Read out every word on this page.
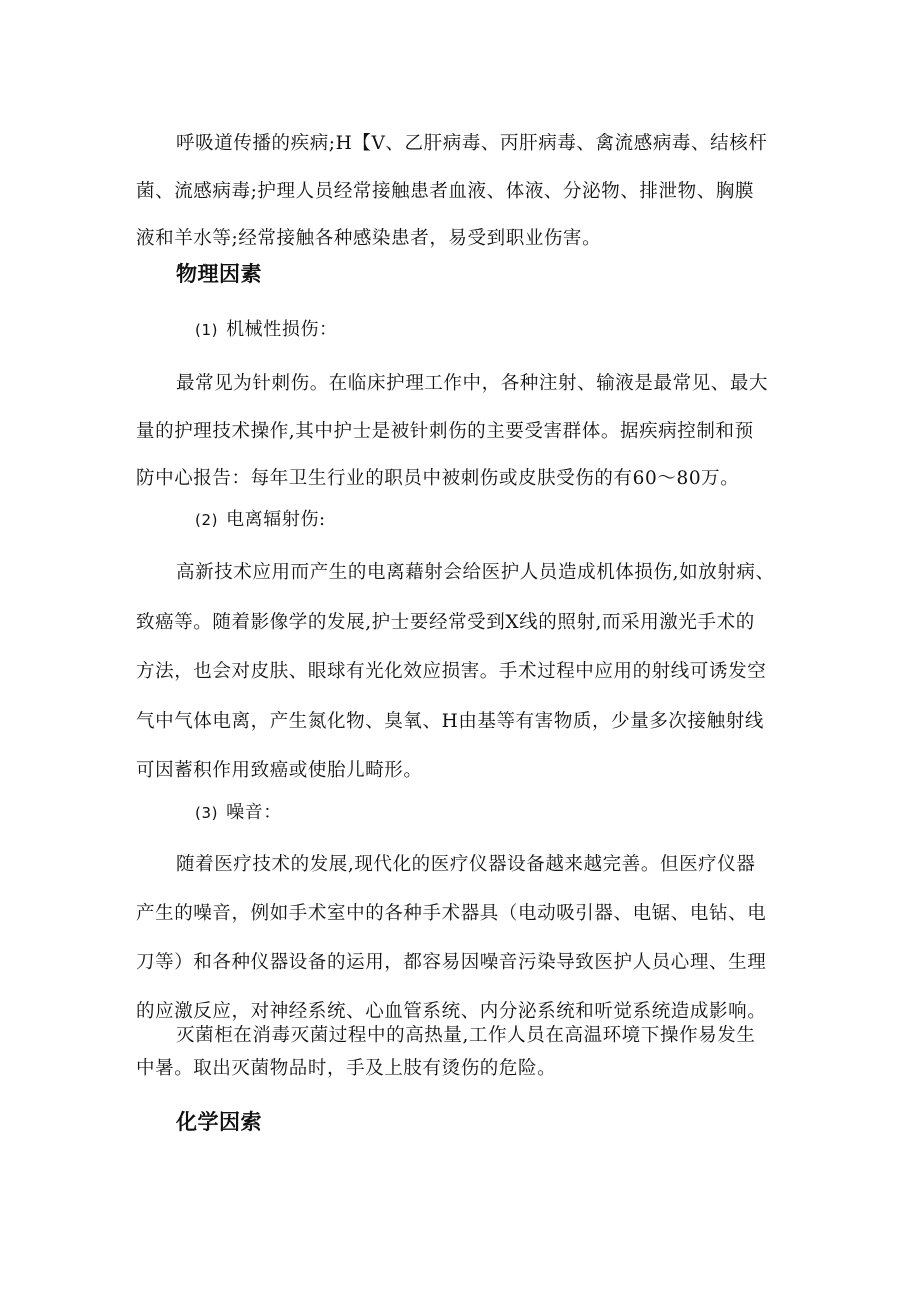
呼吸道传播的疾病;H【V、乙肝病毒、丙肝病毒、禽流感病毒、结核杆
菌、流感病毒;护理人员经常接触患者血液、体液、分泌物、排泄物、胸膜
液和羊水等;经常接触各种感染患者，易受到职业伤害。

物理因素

(1) 机械性损伤：

最常见为针刺伤。在临床护理工作中，各种注射、输液是最常见、最大
量的护理技术操作,其中护士是被针刺伤的主要受害群体。据疾病控制和预
防中心报告：每年卫生行业的职员中被刺伤或皮肤受伤的有60〜80万。

(2) 电离辐射伤:

高新技术应用而产生的电离藉射会给医护人员造成机体损伤,如放射病、
致癌等。随着影像学的发展,护士要经常受到X线的照射,而采用激光手术的
方法，也会对皮肤、眼球有光化效应损害。手术过程中应用的射线可诱发空
气中气体电离，产生氮化物、臭氧、H由基等有害物质，少量多次接触射线
可因蓄积作用致癌或使胎儿畸形。

(3) 噪音：

随着医疗技术的发展,现代化的医疗仪器设备越来越完善。但医疗仪器
产生的噪音，例如手术室中的各种手术器具（电动吸引器、电锯、电钻、电
刀等）和各种仪器设备的运用，都容易因噪音污染导致医护人员心理、生理
的应激反应，对神经系统、心血管系统、内分泌系统和听觉系统造成影响。

灭菌柜在消毒灭菌过程中的高热量,工作人员在高温环境下操作易发生
中暑。取出灭菌物品时，手及上肢有烫伤的危险。

化学因索
